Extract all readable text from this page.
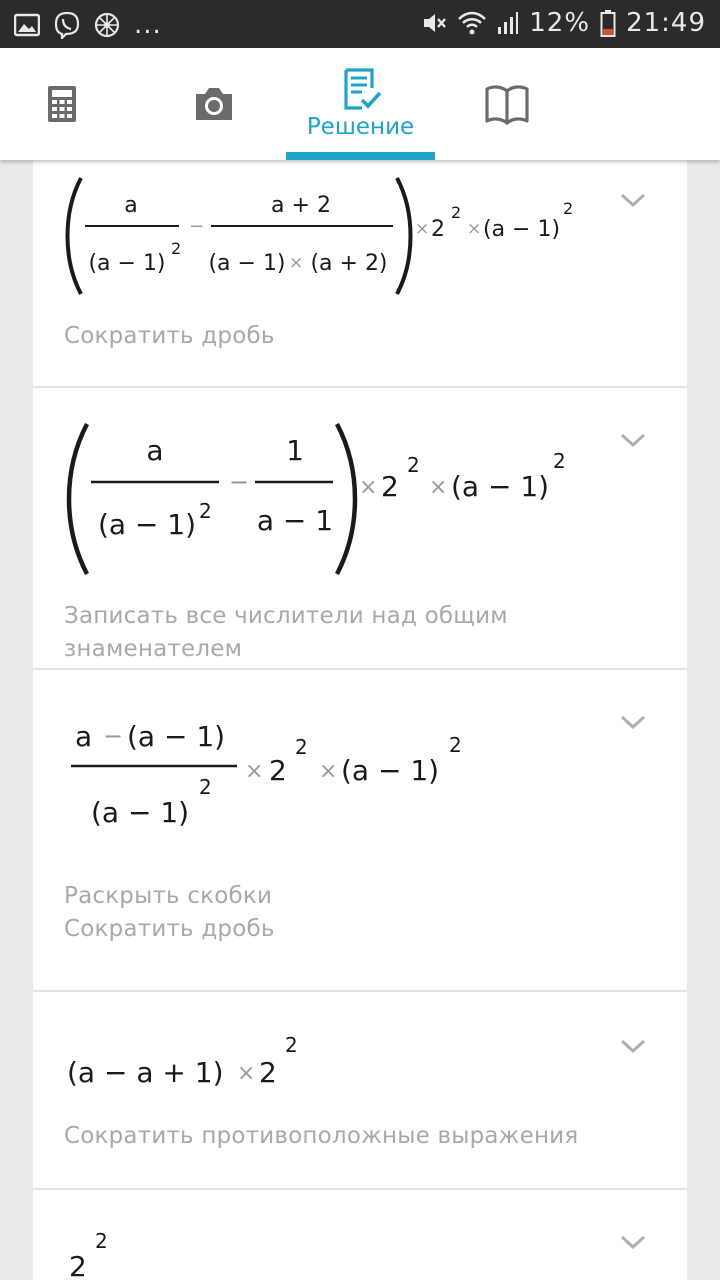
...	12% 21:49
Решение
a
(a − 1)
2
−
a + 2
(a − 1) × (a + 2)
× 2
2
× (a − 1)
2
Сократить дробь
a
(a − 1) 2
−
1
a − 1
× 2
2
× (a − 1)
2
Записать все числители над общим знаменателем
a − (a − 1)
(a − 1)
2
× 2
2
× (a − 1)
2
Раскрыть скобки
Сократить дробь
(a − a + 1) × 2
2
Сократить противоположные выражения
2
2
